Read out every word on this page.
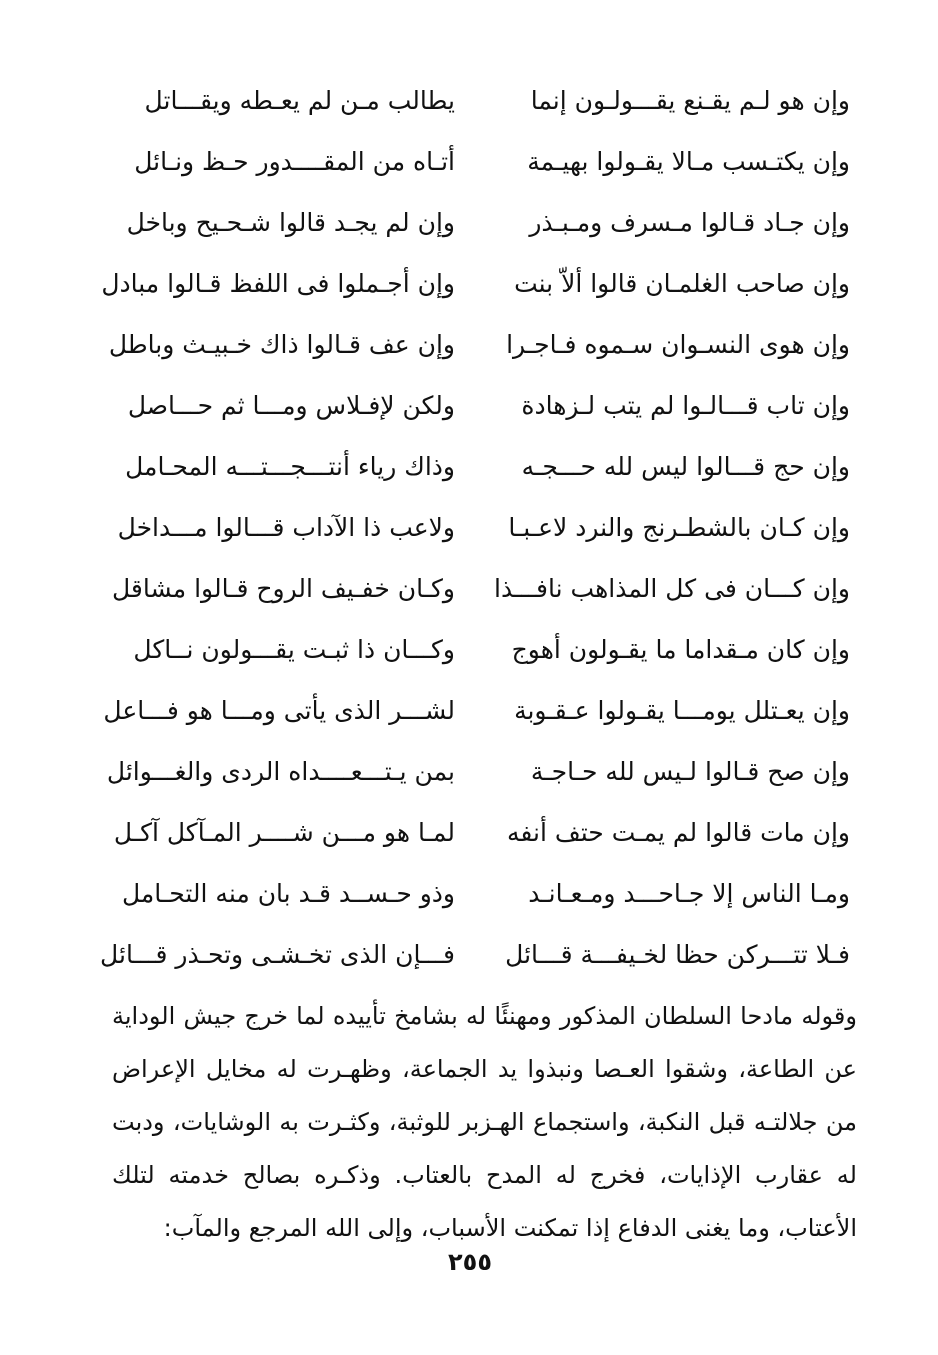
وإن هو لـم يقـنع يقـــولـون إنما
يطالب مـن لم يعـطه ويقـــاتل
وإن يكتـسب مـالا يقـولوا بهيـمة
أتـاه من المقــــدور حـظ ونـائل
وإن جـاد قـالوا مـسرف ومـبـذر
وإن لم يجـد قالوا شـحـيح وباخل
وإن صاحب الغلمـان قالوا ألاّ بنت
وإن أجـملوا فى اللفظ قـالوا مبادل
وإن هوى النسـوان سـموه فـاجـرا
وإن عف قـالوا ذاك خـبيـث وباطل
وإن تاب قـــالـوا لم يتب لـزهادة
ولكن لإفـلاس ومـــا ثم حـــاصل
وإن حج قـــالوا ليس لله حـــجـه
وذاك رياء أنتـــجـــتـــه المحـامل
وإن كـان بالشطـرنج والنرد لاعـبـا
ولاعب ذا الآداب قـــالوا مـــداخل
وإن كـــان فى كل المذاهب نافـــذا
وكـان خفـيف الروح قـالوا مشاقل
وإن كان مـقداما ما يقـولون أهوج
وكـــان ذا ثبـت يقـــولون نــاكل
وإن يعـتلل يومـــا يقـولوا عـقـوبة
لشـــر الذى يأتى ومـــا هو فـــاعل
وإن صح قـالوا لـيس لله حـاجـة
بمن يـتـــعــــداه الردى والغـــوائل
وإن مات قالوا لم يمـت حتف أنفه
لمـا هو مـــن شــــر المـآكل آكـل
ومـا الناس إلا جـاحـــد ومـعـانـد
وذو حـســد قـد بان منه التحـامل
فـلا تتـــركن حظا لخـيفـــة قـــائل
فـــإن الذى تخـشـى وتحـذر قـــائل

وقوله مادحا السلطان المذكور ومهنئًا له بشامخ تأييده لما خرج جيش الوداية عن الطاعة، وشقوا العـصا ونبذوا يد الجماعة، وظهـرت له مخايل الإعراض من جلالتـه قبل النكبة، واستجماع الهـزبر للوثبة، وكثـرت به الوشايات، ودبت له عقارب الإذايات، فخرج له المدح بالعتاب. وذكـره بصالح خدمته لتلك الأعتاب، وما يغنى الدفاع إذا تمكنت الأسباب، وإلى الله المرجع والمآب:

٢٥٥
